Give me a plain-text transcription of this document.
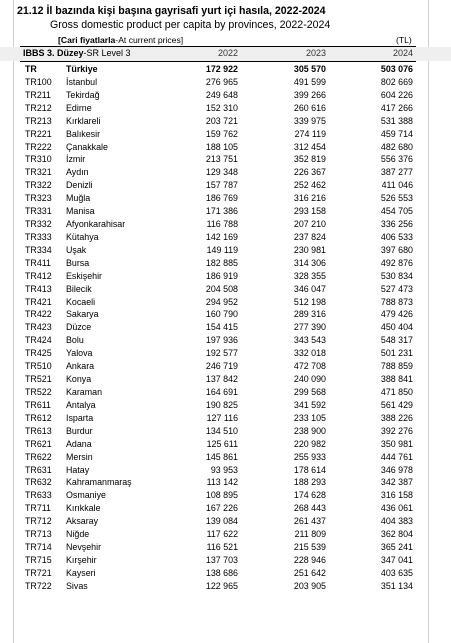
21.12 İl bazında kişi başına gayrisafi yurt içi hasıla, 2022-2024
Gross domestic product per capita by provinces, 2022-2024
[Cari fiyatlarla-At current prices]	(TL)
IBBS 3. Düzey-SR Level 3	2022	2023	2024
TR	Türkiye	172 922	305 570	503 076
TR100 İstanbul	276 965	491 599	802 669
TR211 Tekirdağ	249 648	399 266	604 226
TR212 Edirne	152 310	260 616	417 266
TR213 Kırklareli	203 721	339 975	531 388
TR221 Balıkesir	159 762	274 119	459 714
TR222 Çanakkale	188 105	312 454	482 680
TR310 İzmir	213 751	352 819	556 376
TR321 Aydın	129 348	226 367	387 277
TR322 Denizli	157 787	252 462	411 046
TR323 Muğla	186 769	316 216	526 553
TR331 Manisa	171 386	293 158	454 705
TR332 Afyonkarahisar	116 788	207 210	336 256
TR333 Kütahya	142 169	237 824	406 533
TR334 Uşak	149 119	230 981	397 680
TR411 Bursa	182 885	314 306	492 876
TR412 Eskişehir	186 919	328 355	530 834
TR413 Bilecik	204 508	346 047	527 473
TR421 Kocaeli	294 952	512 198	788 873
TR422 Sakarya	160 790	289 316	479 426
TR423 Düzce	154 415	277 390	450 404
TR424 Bolu	197 936	343 543	548 317
TR425 Yalova	192 577	332 018	501 231
TR510 Ankara	246 719	472 708	788 859
TR521 Konya	137 842	240 090	388 841
TR522 Karaman	164 691	299 568	471 850
TR611 Antalya	190 825	341 592	561 429
TR612 Isparta	127 116	233 105	388 226
TR613 Burdur	134 510	238 900	392 276
TR621 Adana	125 611	220 982	350 981
TR622 Mersin	145 861	255 933	444 761
TR631 Hatay	93 953	178 614	346 978
TR632 Kahramanmaraş	113 142	188 293	342 387
TR633 Osmaniye	108 895	174 628	316 158
TR711 Kırıkkale	167 226	268 443	436 061
TR712 Aksaray	139 084	261 437	404 383
TR713 Niğde	117 622	211 809	362 804
TR714 Nevşehir	116 521	215 539	365 241
TR715 Kırşehir	137 703	228 946	347 041
TR721 Kayseri	138 686	251 642	403 635
TR722 Sivas	122 965	203 905	351 134
